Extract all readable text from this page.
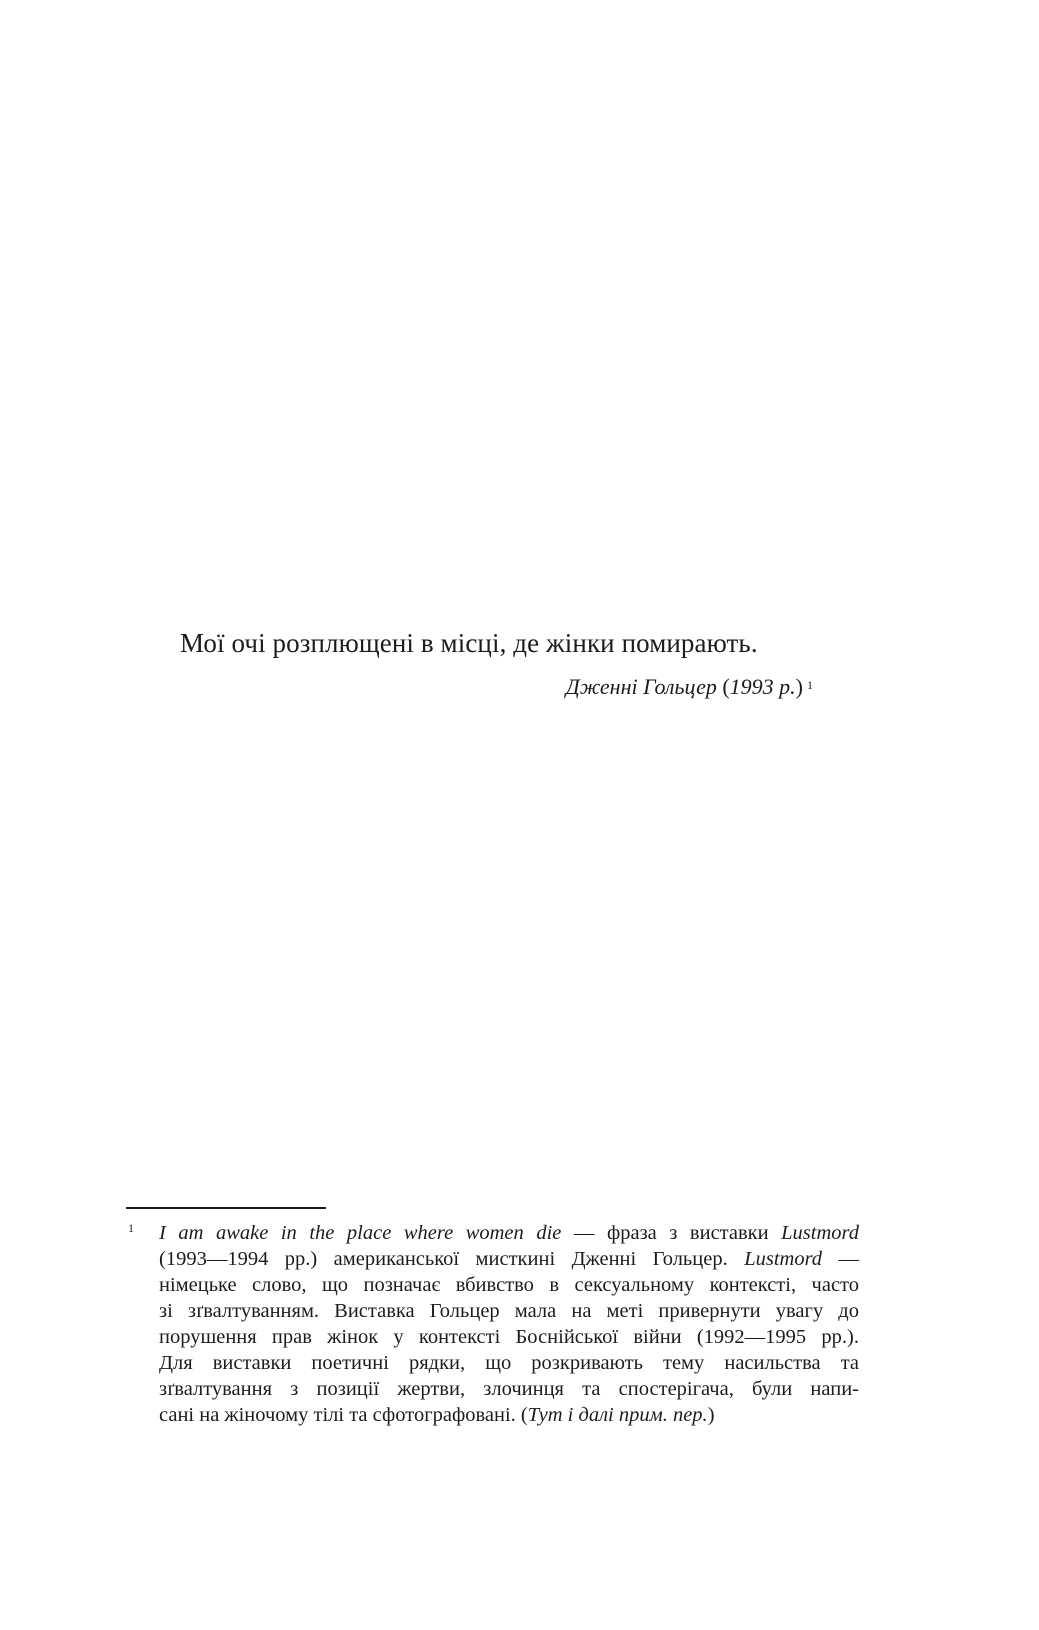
Мої очі розплющені в місці, де жінки помирають.

Дженні Гольцер (1993 р.) $^1$
1 I am awake in the place where women die — фраза з виставки Lustmord
(1993—1994 рр.) американської мисткині Дженні Гольцер. Lustmord —
німецьке слово, що позначає вбивство в сексуальному контексті, часто
зі зґвалтуванням. Виставка Гольцер мала на меті привернути увагу до
порушення прав жінок у контексті Боснійської війни (1992—1995 рр.).
Для виставки поетичні рядки, що розкривають тему насильства та
зґвалтування з позиції жертви, злочинця та спостерігача, були напи-
сані на жіночому тілі та сфотографовані. (Тут і далі прим. пер.)
